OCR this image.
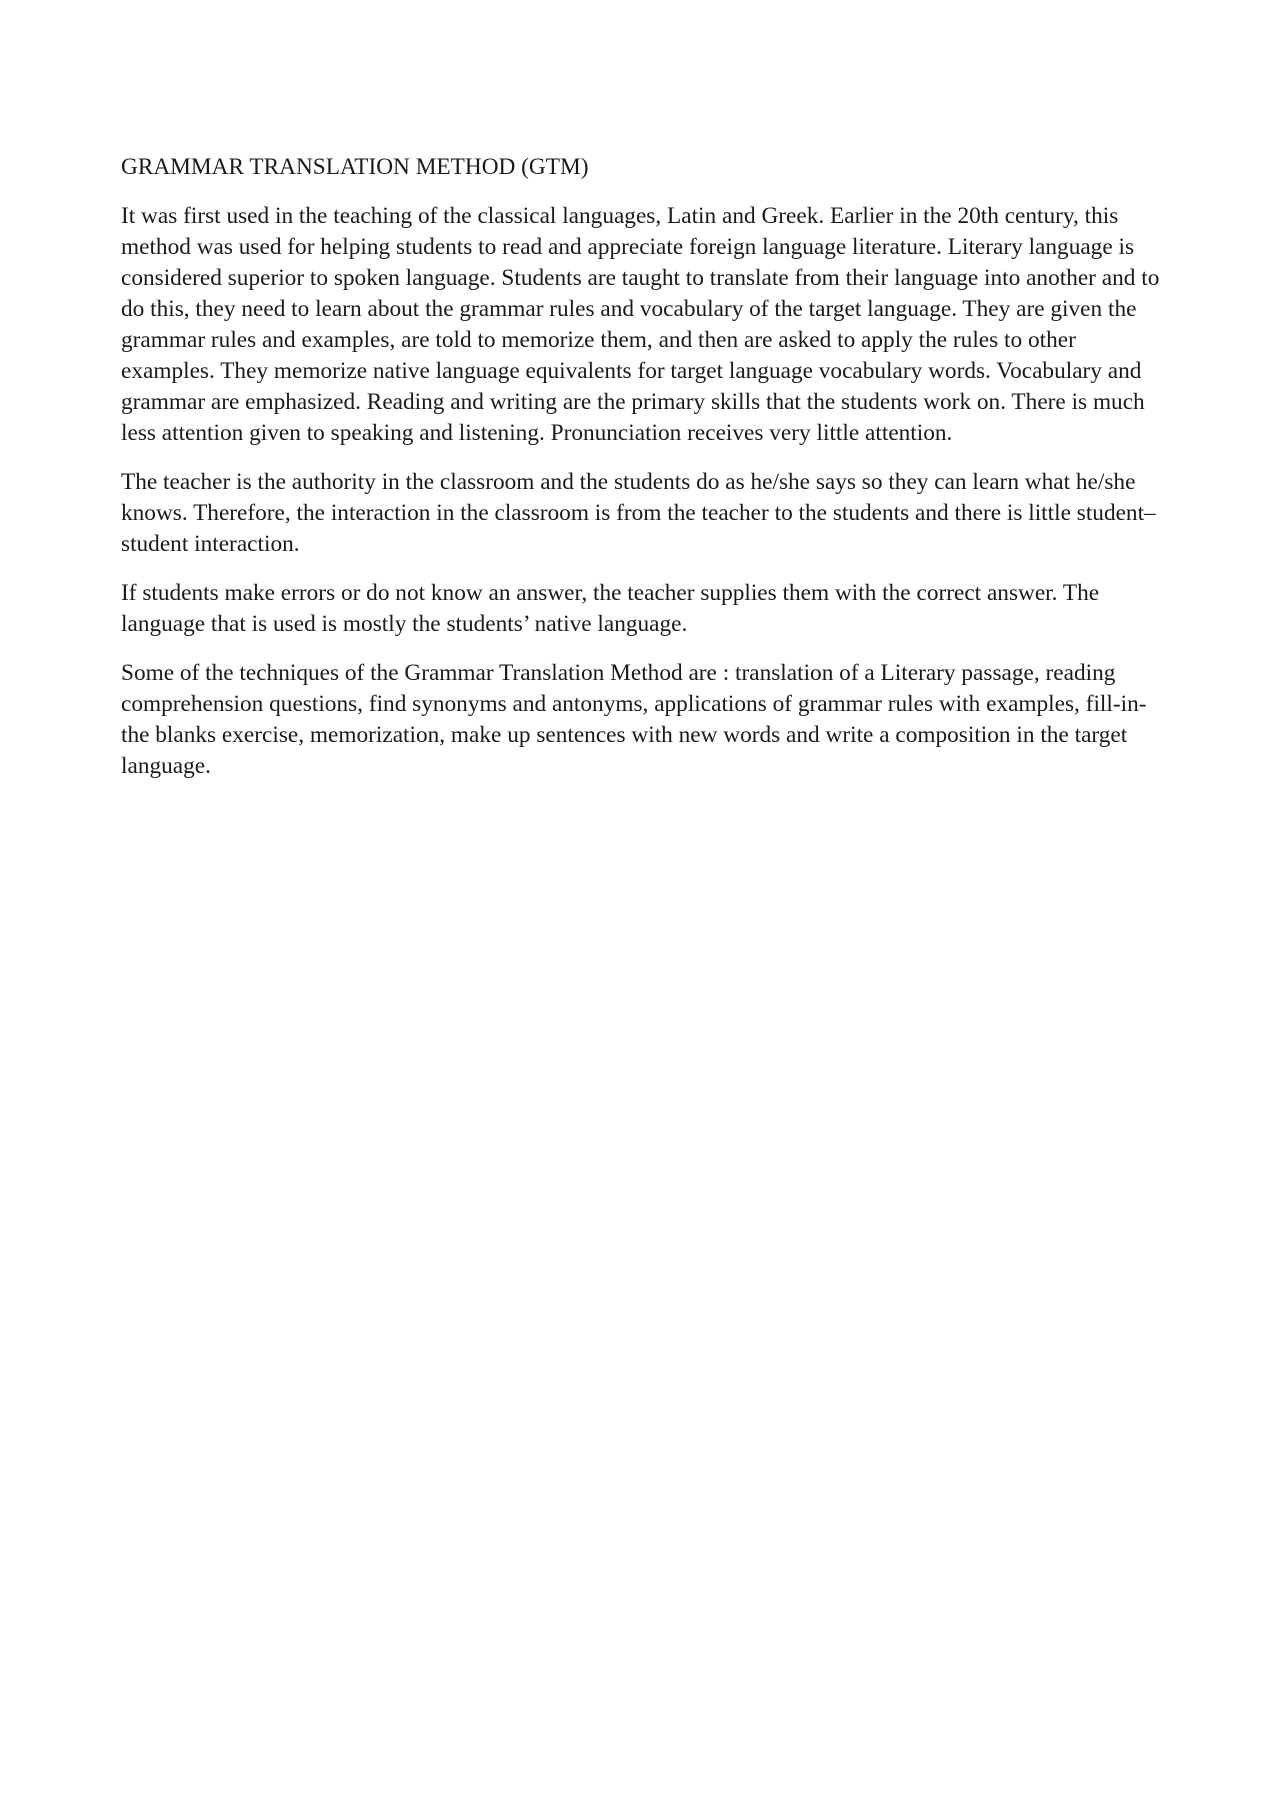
GRAMMAR TRANSLATION METHOD (GTM)

It was first used in the teaching of the classical languages, Latin and Greek. Earlier in the 20th century, this method was used for helping students to read and appreciate foreign language literature. Literary language is considered superior to spoken language. Students are taught to translate from their language into another and to do this, they need to learn about the grammar rules and vocabulary of the target language. They are given the grammar rules and examples, are told to memorize them, and then are asked to apply the rules to other examples. They memorize native language equivalents for target language vocabulary words. Vocabulary and grammar are emphasized. Reading and writing are the primary skills that the students work on. There is much less attention given to speaking and listening. Pronunciation receives very little attention.

The teacher is the authority in the classroom and the students do as he/she says so they can learn what he/she knows. Therefore, the interaction in the classroom is from the teacher to the students and there is little student–student interaction.

If students make errors or do not know an answer, the teacher supplies them with the correct answer. The language that is used is mostly the students’ native language.

Some of the techniques of the Grammar Translation Method are : translation of a Literary passage, reading comprehension questions, find synonyms and antonyms, applications of grammar rules with examples, fill-in-the blanks exercise, memorization, make up sentences with new words and write a composition in the target language.
